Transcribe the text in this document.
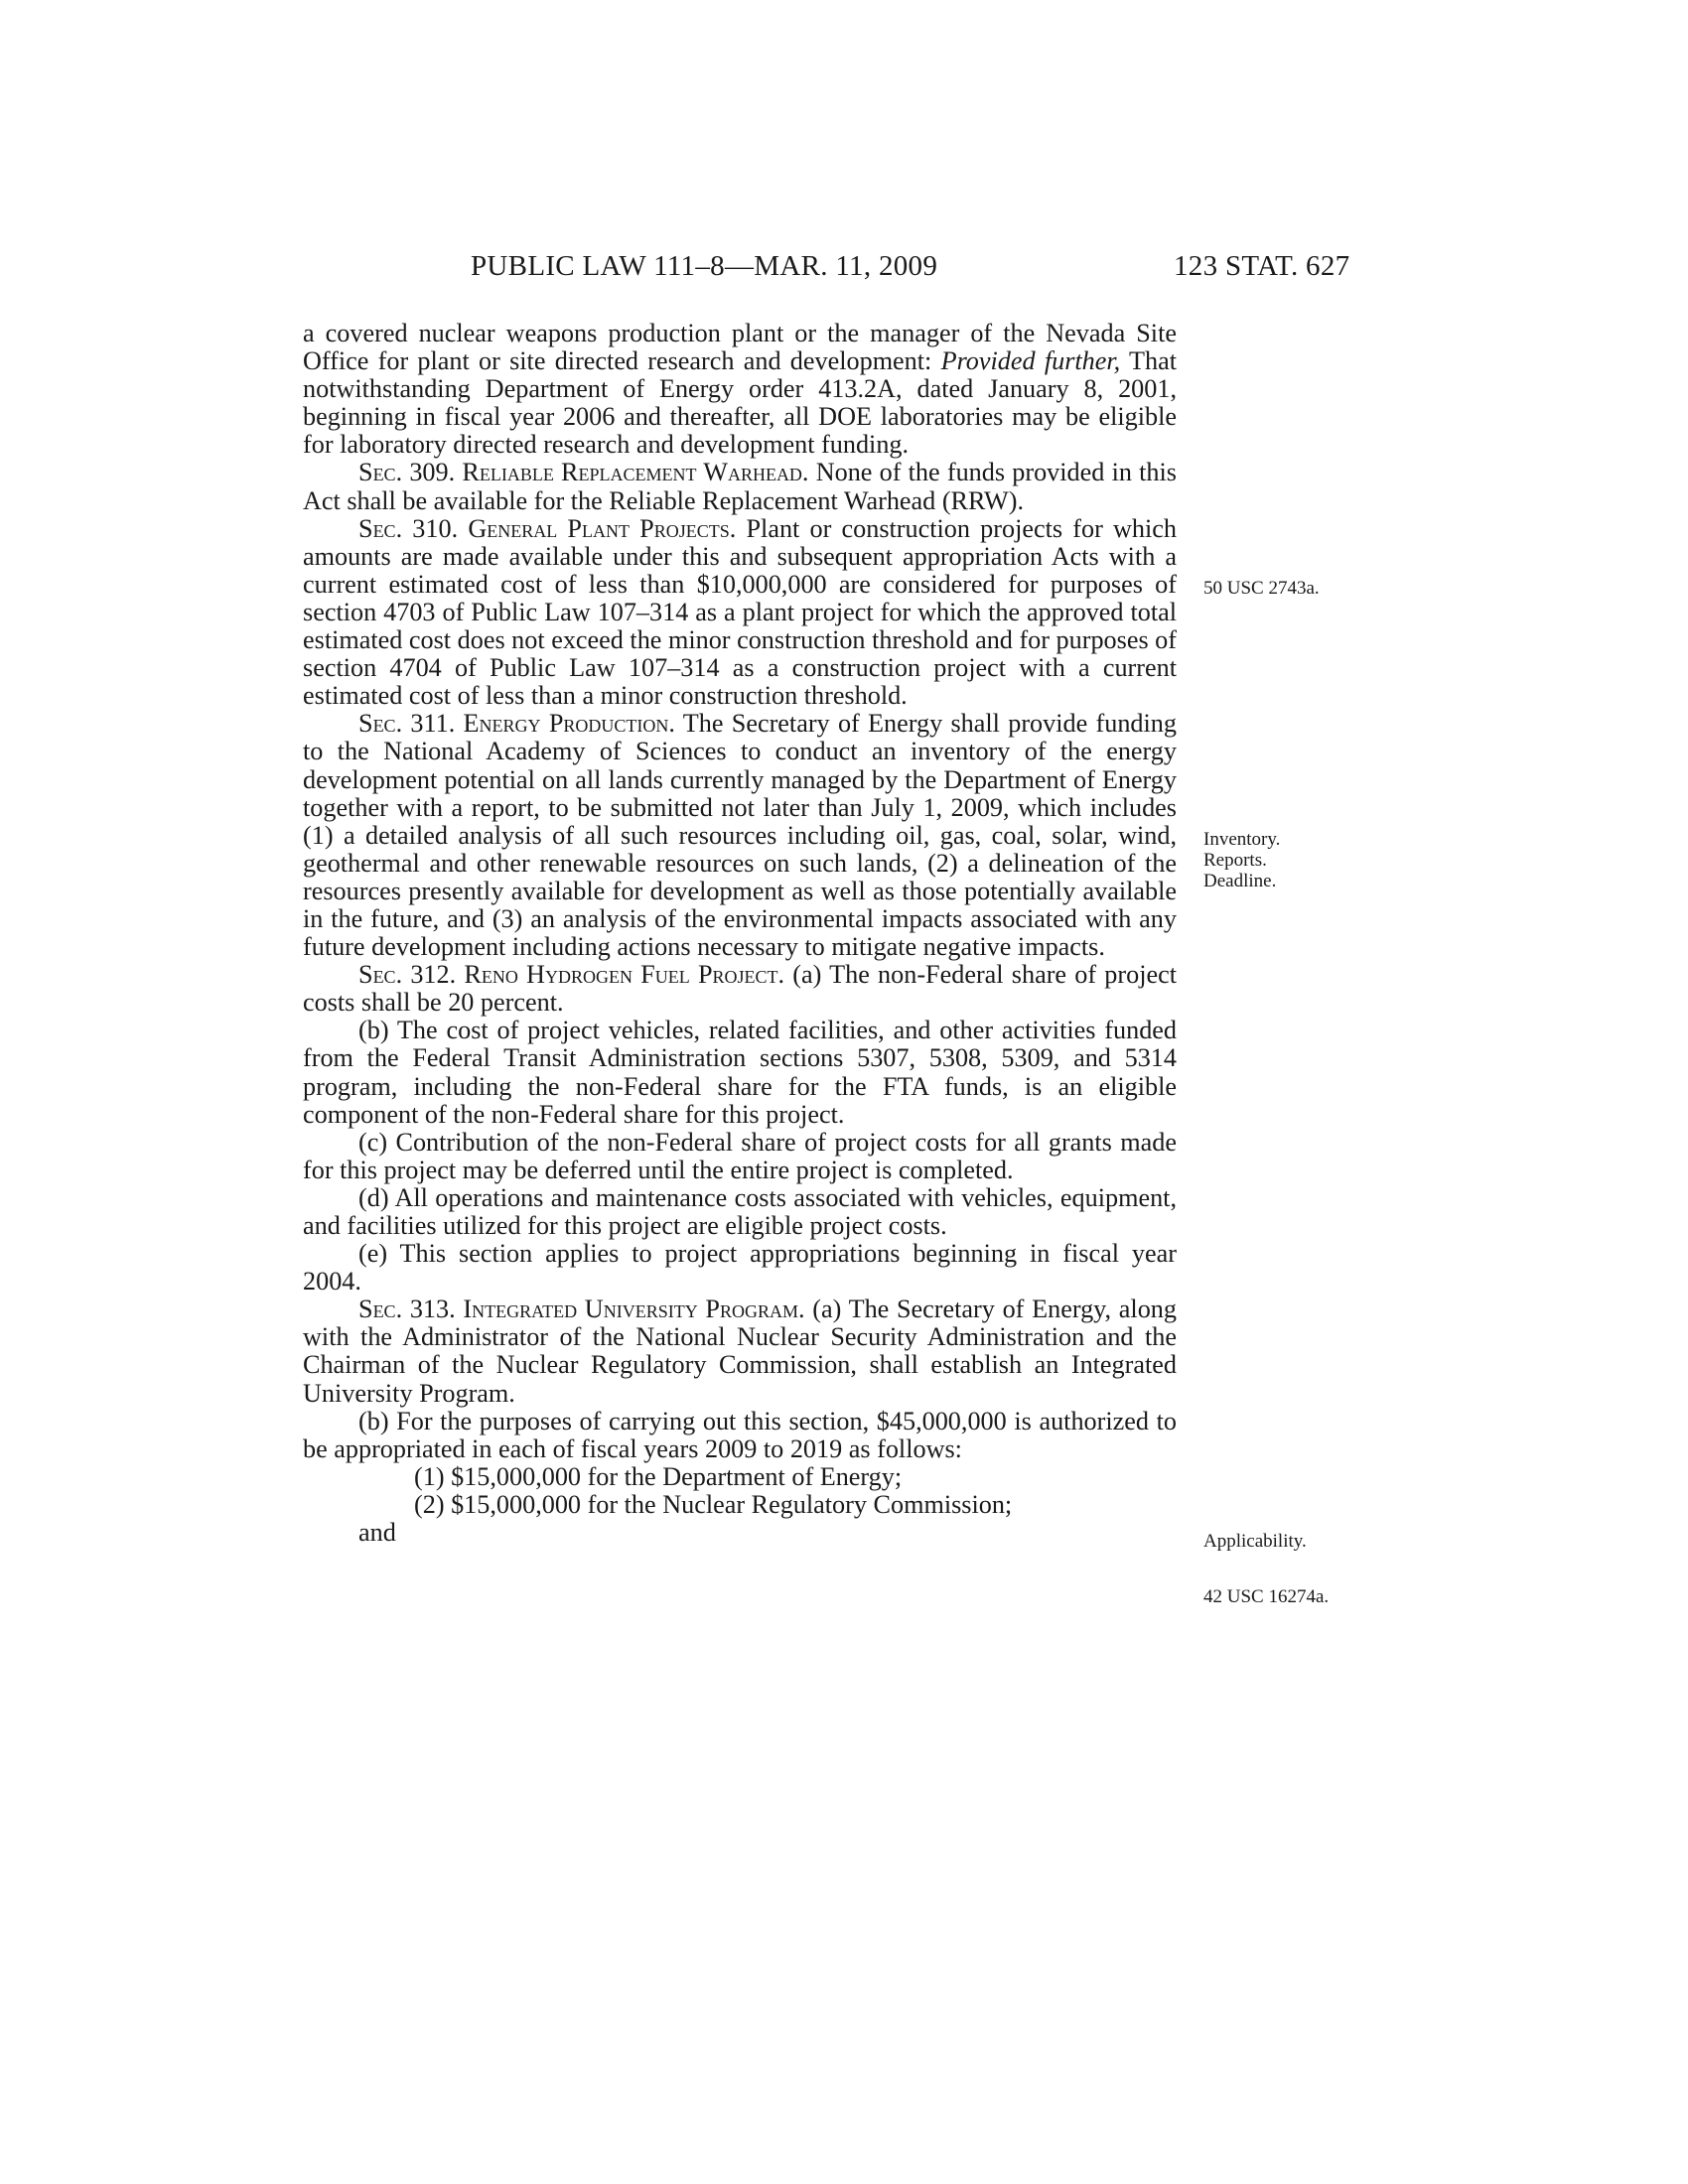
PUBLIC LAW 111–8—MAR. 11, 2009	123 STAT. 627

a covered nuclear weapons production plant or the manager of the Nevada Site Office for plant or site directed research and development: Provided further, That notwithstanding Department of Energy order 413.2A, dated January 8, 2001, beginning in fiscal year 2006 and thereafter, all DOE laboratories may be eligible for laboratory directed research and development funding.

Sec. 309. Reliable Replacement Warhead. None of the funds provided in this Act shall be available for the Reliable Replacement Warhead (RRW).

Sec. 310. General Plant Projects. Plant or construction projects for which amounts are made available under this and subsequent appropriation Acts with a current estimated cost of less than $10,000,000 are considered for purposes of section 4703 of Public Law 107–314 as a plant project for which the approved total estimated cost does not exceed the minor construction threshold and for purposes of section 4704 of Public Law 107–314 as a construction project with a current estimated cost of less than a minor construction threshold.

Sec. 311. Energy Production. The Secretary of Energy shall provide funding to the National Academy of Sciences to conduct an inventory of the energy development potential on all lands currently managed by the Department of Energy together with a report, to be submitted not later than July 1, 2009, which includes (1) a detailed analysis of all such resources including oil, gas, coal, solar, wind, geothermal and other renewable resources on such lands, (2) a delineation of the resources presently available for development as well as those potentially available in the future, and (3) an analysis of the environmental impacts associated with any future development including actions necessary to mitigate negative impacts.

Sec. 312. Reno Hydrogen Fuel Project. (a) The non-Federal share of project costs shall be 20 percent.

(b) The cost of project vehicles, related facilities, and other activities funded from the Federal Transit Administration sections 5307, 5308, 5309, and 5314 program, including the non-Federal share for the FTA funds, is an eligible component of the non-Federal share for this project.

(c) Contribution of the non-Federal share of project costs for all grants made for this project may be deferred until the entire project is completed.

(d) All operations and maintenance costs associated with vehicles, equipment, and facilities utilized for this project are eligible project costs.

(e) This section applies to project appropriations beginning in fiscal year 2004.

Sec. 313. Integrated University Program. (a) The Secretary of Energy, along with the Administrator of the National Nuclear Security Administration and the Chairman of the Nuclear Regulatory Commission, shall establish an Integrated University Program.

(b) For the purposes of carrying out this section, $45,000,000 is authorized to be appropriated in each of fiscal years 2009 to 2019 as follows:

(1) $15,000,000 for the Department of Energy;

(2) $15,000,000 for the Nuclear Regulatory Commission;

and

50 USC 2743a.
Inventory.
Reports.
Deadline.
Applicability.
42 USC 16274a.
